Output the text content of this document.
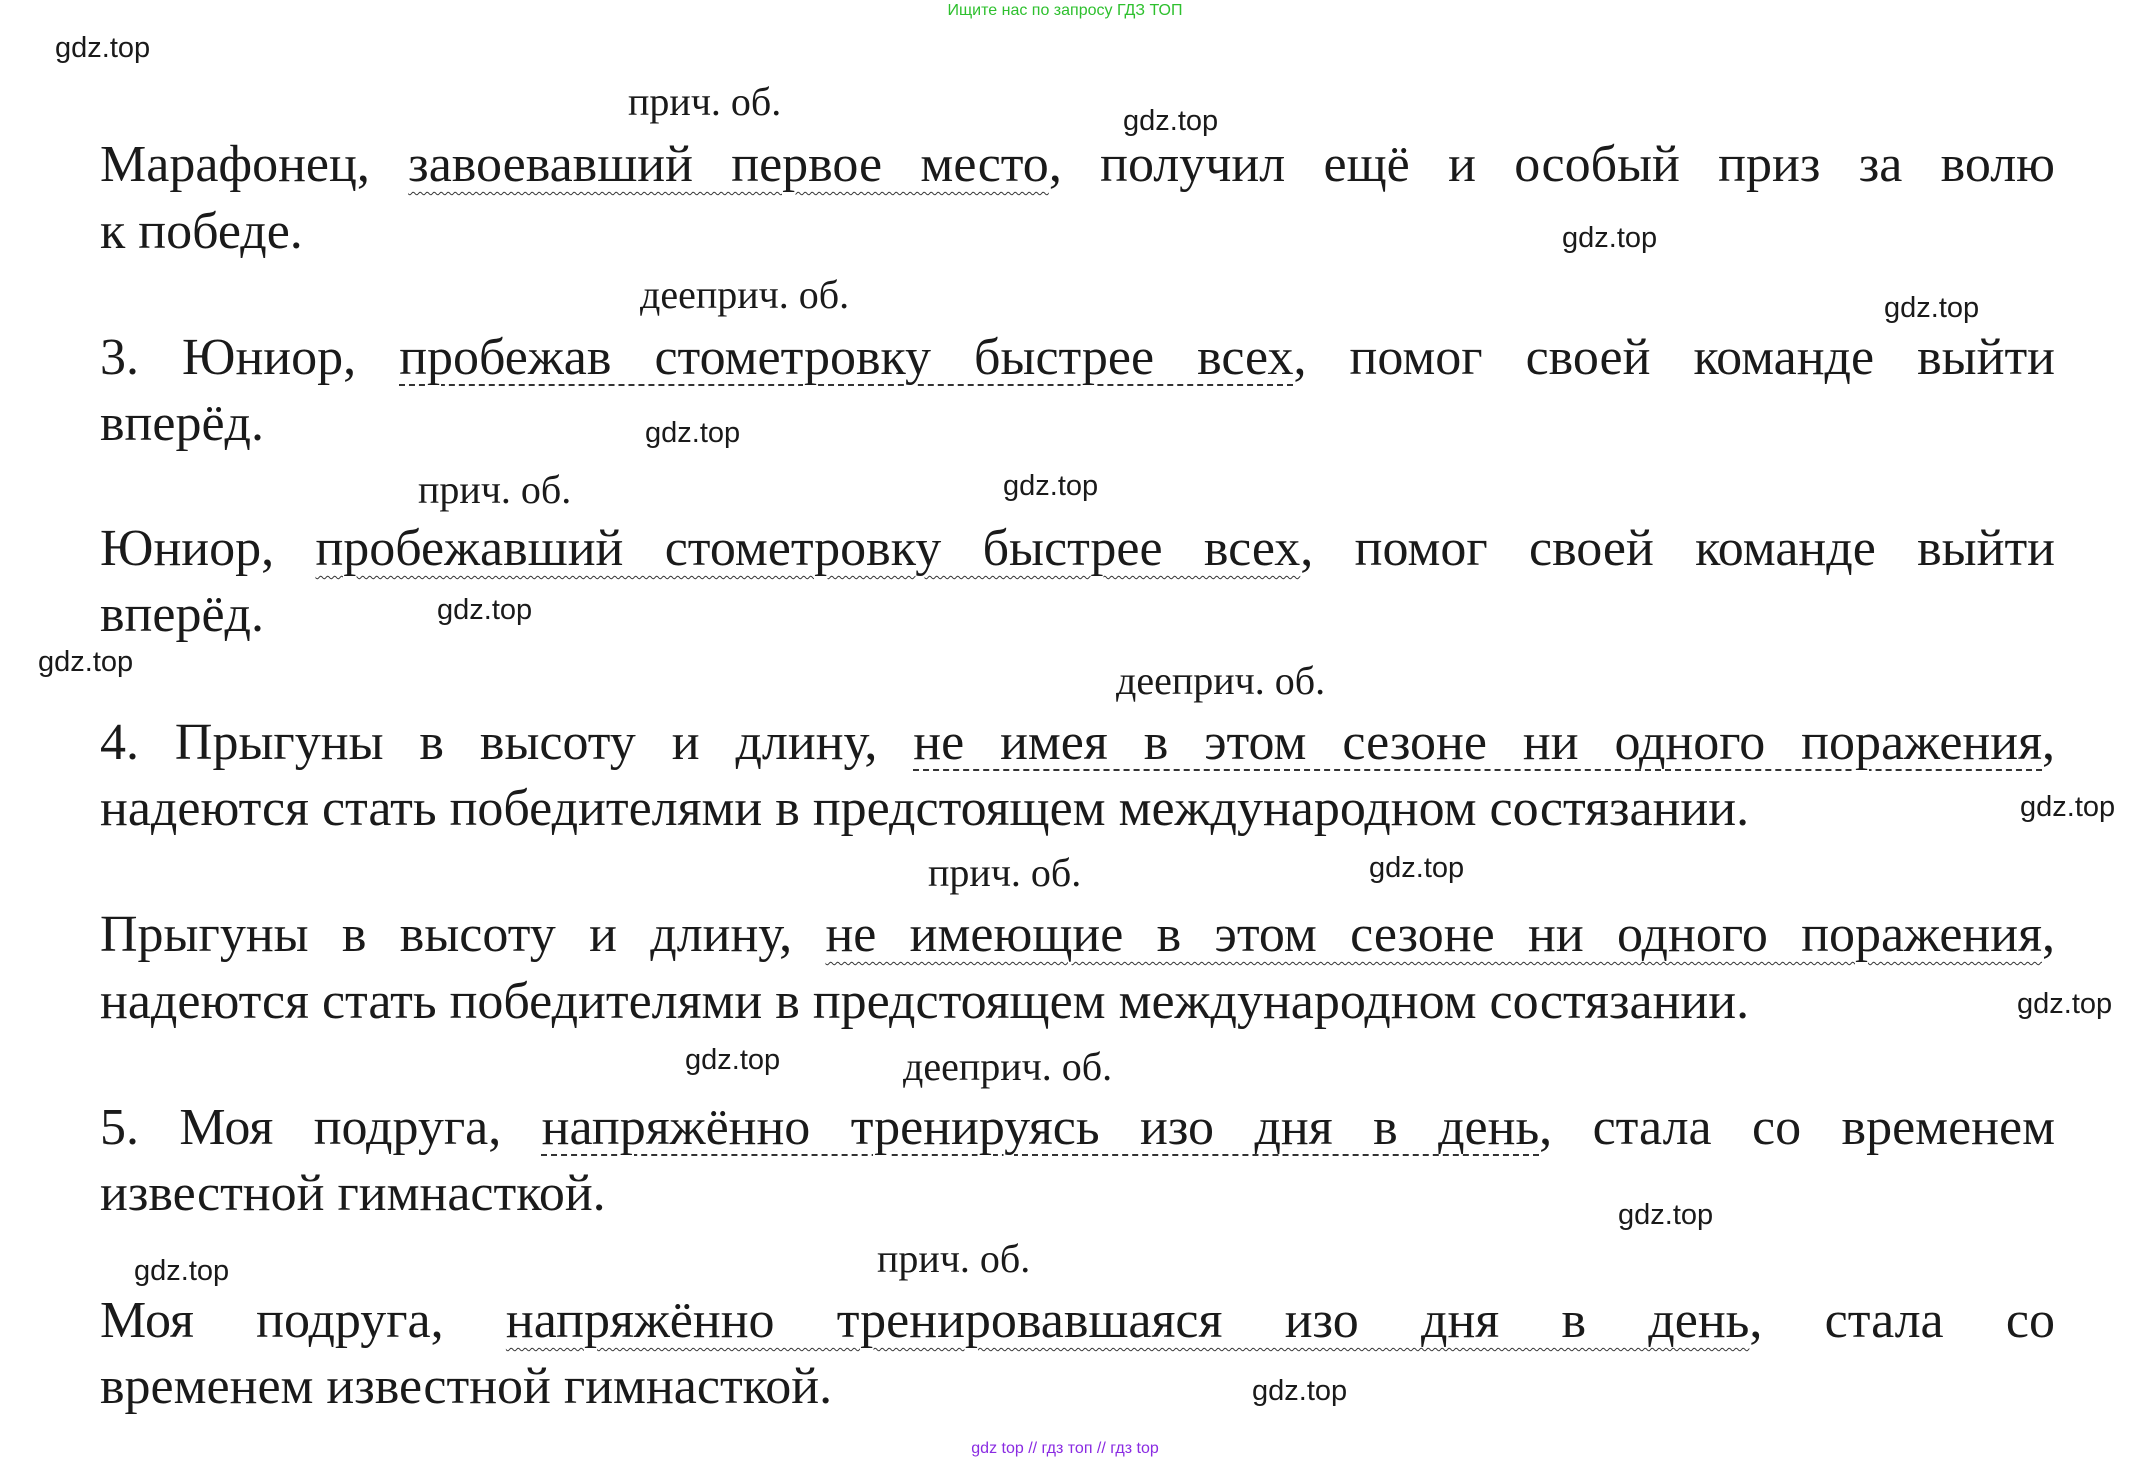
Ищите нас по запросу ГДЗ ТОП
gdz top // гдз топ // гдз top
gdz.top
gdz.top
gdz.top
gdz.top
gdz.top
gdz.top
gdz.top
gdz.top
gdz.top
gdz.top
gdz.top
gdz.top
gdz.top
gdz.top
gdz.top
прич. об.
дееприч. об.
прич. об.
дееприч. об.
прич. об.
дееприч. об.
прич. об.
Марафонец, завоевавший первое место, получил ещё и особый приз за волю
к победе.
3. Юниор, пробежав стометровку быстрее всех, помог своей команде выйти
вперёд.
Юниор, пробежавший стометровку быстрее всех, помог своей команде выйти
вперёд.
4. Прыгуны в высоту и длину, не имея в этом сезоне ни одного поражения,
надеются стать победителями в предстоящем международном состязании.
Прыгуны в высоту и длину, не имеющие в этом сезоне ни одного поражения,
надеются стать победителями в предстоящем международном состязании.
5. Моя подруга, напряжённо тренируясь изо дня в день, стала со временем
известной гимнасткой.
Моя подруга, напряжённо тренировавшаяся изо дня в день, стала со
временем известной гимнасткой.
